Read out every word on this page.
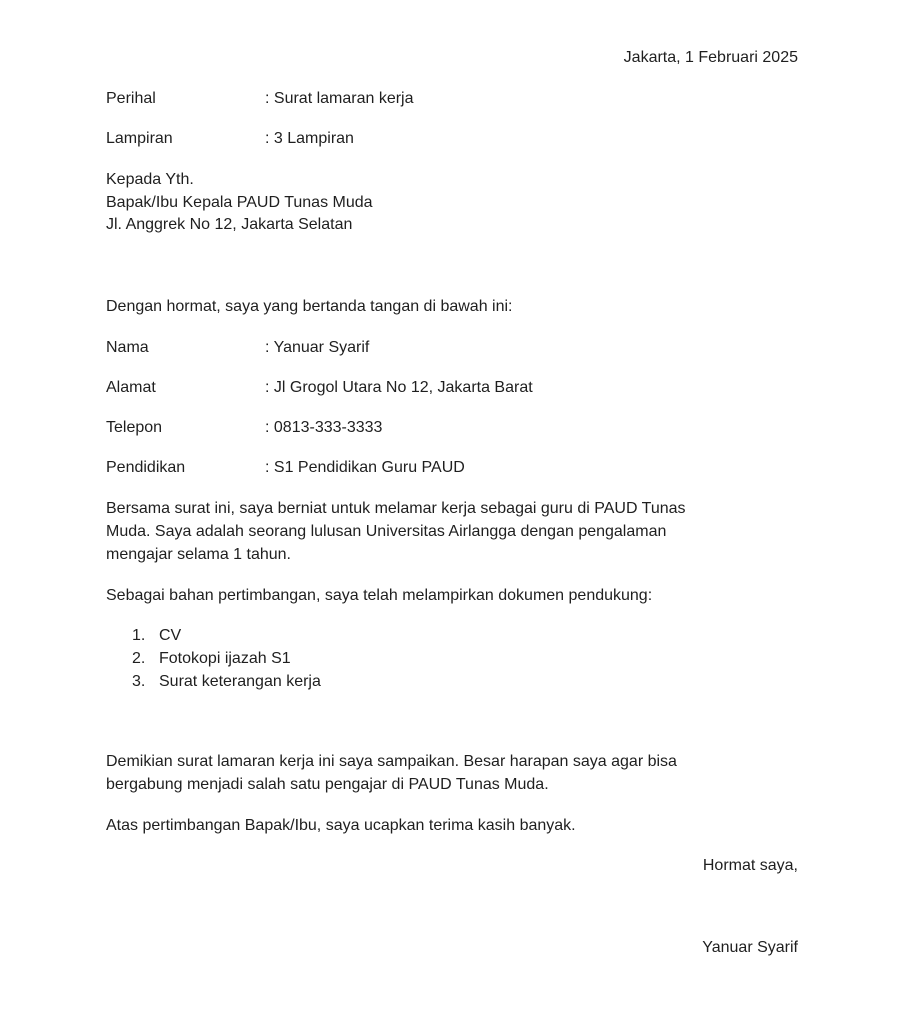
Jakarta, 1 Februari 2025
Perihal	: Surat lamaran kerja
Lampiran	: 3 Lampiran
Kepada Yth.
Bapak/Ibu Kepala PAUD Tunas Muda
Jl. Anggrek No 12, Jakarta Selatan
Dengan hormat, saya yang bertanda tangan di bawah ini:
Nama	: Yanuar Syarif
Alamat	: Jl Grogol Utara No 12, Jakarta Barat
Telepon	: 0813-333-3333
Pendidikan	: S1 Pendidikan Guru PAUD
Bersama surat ini, saya berniat untuk melamar kerja sebagai guru di PAUD Tunas
Muda. Saya adalah seorang lulusan Universitas Airlangga dengan pengalaman
mengajar selama 1 tahun.
Sebagai bahan pertimbangan, saya telah melampirkan dokumen pendukung:
1. CV
2. Fotokopi ijazah S1
3. Surat keterangan kerja
Demikian surat lamaran kerja ini saya sampaikan. Besar harapan saya agar bisa
bergabung menjadi salah satu pengajar di PAUD Tunas Muda.
Atas pertimbangan Bapak/Ibu, saya ucapkan terima kasih banyak.
Hormat saya,
Yanuar Syarif
